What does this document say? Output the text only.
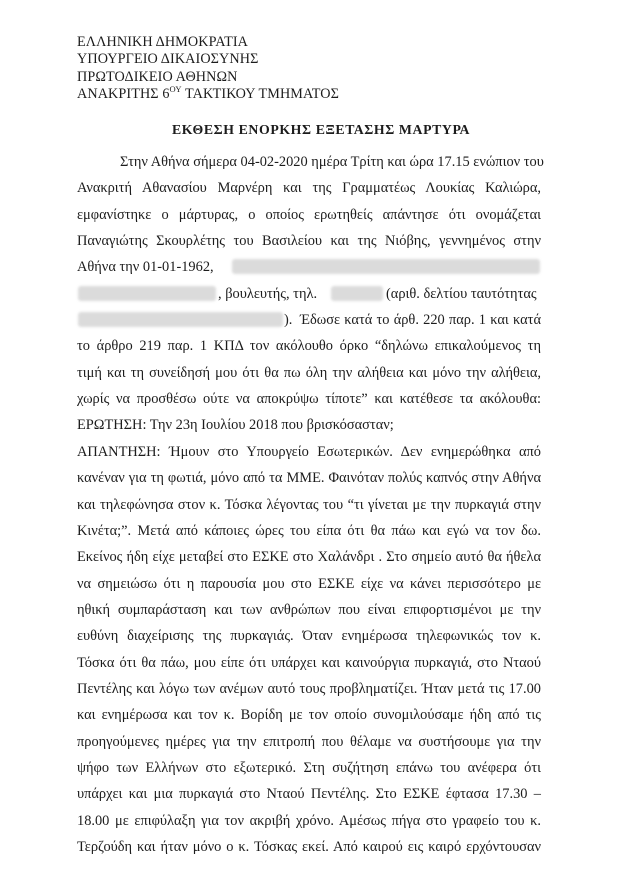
ΕΛΛΗΝΙΚΗ ΔΗΜΟΚΡΑΤΙΑ
ΥΠΟΥΡΓΕΙΟ ΔΙΚΑΙΟΣΥΝΗΣ
ΠΡΩΤΟΔΙΚΕΙΟ ΑΘΗΝΩΝ
ΑΝΑΚΡΙΤΗΣ $6^{O\Upsilon}$ ΤΑΚΤΙΚΟΥ ΤΜΗΜΑΤΟΣ
ΕΚΘΕΣΗ ΕΝΟΡΚΗΣ ΕΞΕΤΑΣΗΣ ΜΑΡΤΥΡΑ
Στην Αθήνα σήμερα 04-02-2020 ημέρα Τρίτη και ώρα 17.15 ενώπιον του
Ανακριτή Αθανασίου Μαρνέρη και της Γραμματέως Λουκίας Καλιώρα,
εμφανίστηκε ο μάρτυρας, ο οποίος ερωτηθείς απάντησε ότι ονομάζεται
Παναγιώτης Σκουρλέτης του Βασιλείου και της Νιόβης, γεννημένος στην
Αθήνα την 01-01-1962,
, βουλευτής, τηλ.	(αριθ. δελτίου ταυτότητας
). Έδωσε κατά το άρθ. 220 παρ. 1 και κατά
το άρθρο 219 παρ. 1 ΚΠΔ τον ακόλουθο όρκο “δηλώνω επικαλούμενος τη
τιμή και τη συνείδησή μου ότι θα πω όλη την αλήθεια και μόνο την αλήθεια,
χωρίς να προσθέσω ούτε να αποκρύψω τίποτε” και κατέθεσε τα ακόλουθα:
ΕΡΩΤΗΣΗ: Την 23η Ιουλίου 2018 που βρισκόσασταν;
ΑΠΑΝΤΗΣΗ: Ήμουν στο Υπουργείο Εσωτερικών. Δεν ενημερώθηκα από
κανέναν για τη φωτιά, μόνο από τα ΜΜΕ. Φαινόταν πολύς καπνός στην Αθήνα
και τηλεφώνησα στον κ. Τόσκα λέγοντας του “τι γίνεται με την πυρκαγιά στην
Κινέτα;”. Μετά από κάποιες ώρες του είπα ότι θα πάω και εγώ να τον δω.
Εκείνος ήδη είχε μεταβεί στο ΕΣΚΕ στο Χαλάνδρι . Στο σημείο αυτό θα ήθελα
να σημειώσω ότι η παρουσία μου στο ΕΣΚΕ είχε να κάνει περισσότερο με
ηθική συμπαράσταση και των ανθρώπων που είναι επιφορτισμένοι με την
ευθύνη διαχείρισης της πυρκαγιάς. Όταν ενημέρωσα τηλεφωνικώς τον κ.
Τόσκα ότι θα πάω, μου είπε ότι υπάρχει και καινούργια πυρκαγιά, στο Νταού
Πεντέλης και λόγω των ανέμων αυτό τους προβληματίζει. Ήταν μετά τις 17.00
και ενημέρωσα και τον κ. Βορίδη με τον οποίο συνομιλούσαμε ήδη από τις
προηγούμενες ημέρες για την επιτροπή που θέλαμε να συστήσουμε για την
ψήφο των Ελλήνων στο εξωτερικό. Στη συζήτηση επάνω του ανέφερα ότι
υπάρχει και μια πυρκαγιά στο Νταού Πεντέλης. Στο ΕΣΚΕ έφτασα 17.30 –
18.00 με επιφύλαξη για τον ακριβή χρόνο. Αμέσως πήγα στο γραφείο του κ.
Τερζούδη και ήταν μόνο ο κ. Τόσκας εκεί. Από καιρού εις καιρό ερχόντουσαν
